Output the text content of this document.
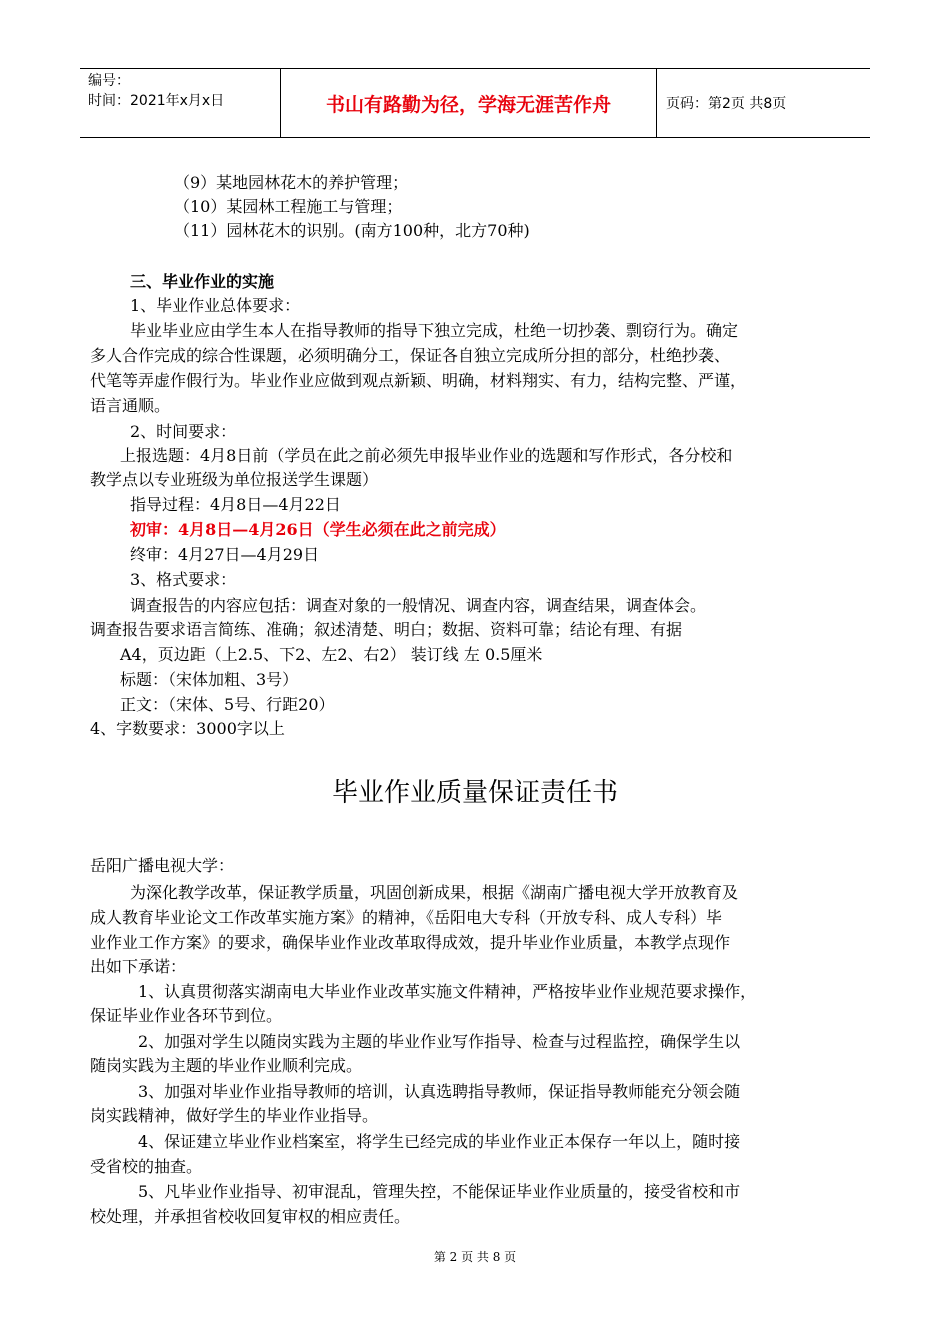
编号：
时间：2021年x月x日	书山有路勤为径，学海无涯苦作舟	页码：第2页 共8页
（9）某地园林花木的养护管理；
（10）某园林工程施工与管理；
（11）园林花木的识别。(南方100种，北方70种)
三、毕业作业的实施
1、毕业作业总体要求：
毕业毕业应由学生本人在指导教师的指导下独立完成，杜绝一切抄袭、剽窃行为。确定
多人合作完成的综合性课题，必须明确分工，保证各自独立完成所分担的部分，杜绝抄袭、
代笔等弄虚作假行为。毕业作业应做到观点新颖、明确，材料翔实、有力，结构完整、严谨，
语言通顺。
2、时间要求：
上报选题：4月8日前（学员在此之前必须先申报毕业作业的选题和写作形式，各分校和
教学点以专业班级为单位报送学生课题）
指导过程：4月8日—4月22日
初审：4月8日—4月26日（学生必须在此之前完成）
终审：4月27日—4月29日
3、格式要求：
调查报告的内容应包括：调查对象的一般情况、调查内容，调查结果，调查体会。
调查报告要求语言简练、准确；叙述清楚、明白；数据、资料可靠；结论有理、有据
A4，页边距（上2.5、下2、左2、右2） 装订线 左 0.5厘米
标题：（宋体加粗、3号）
正文：（宋体、5号、行距20）
4、字数要求：3000字以上
毕业作业质量保证责任书
岳阳广播电视大学：
为深化教学改革，保证教学质量，巩固创新成果，根据《湖南广播电视大学开放教育及
成人教育毕业论文工作改革实施方案》的精神，《岳阳电大专科（开放专科、成人专科）毕
业作业工作方案》的要求，确保毕业作业改革取得成效，提升毕业作业质量，本教学点现作
出如下承诺：
1、认真贯彻落实湖南电大毕业作业改革实施文件精神，严格按毕业作业规范要求操作，
保证毕业作业各环节到位。
2、加强对学生以随岗实践为主题的毕业作业写作指导、检查与过程监控，确保学生以
随岗实践为主题的毕业作业顺利完成。
3、加强对毕业作业指导教师的培训，认真选聘指导教师，保证指导教师能充分领会随
岗实践精神，做好学生的毕业作业指导。
4、保证建立毕业作业档案室，将学生已经完成的毕业作业正本保存一年以上，随时接
受省校的抽查。
5、凡毕业作业指导、初审混乱，管理失控，不能保证毕业作业质量的，接受省校和市
校处理，并承担省校收回复审权的相应责任。
第 2 页 共 8 页
